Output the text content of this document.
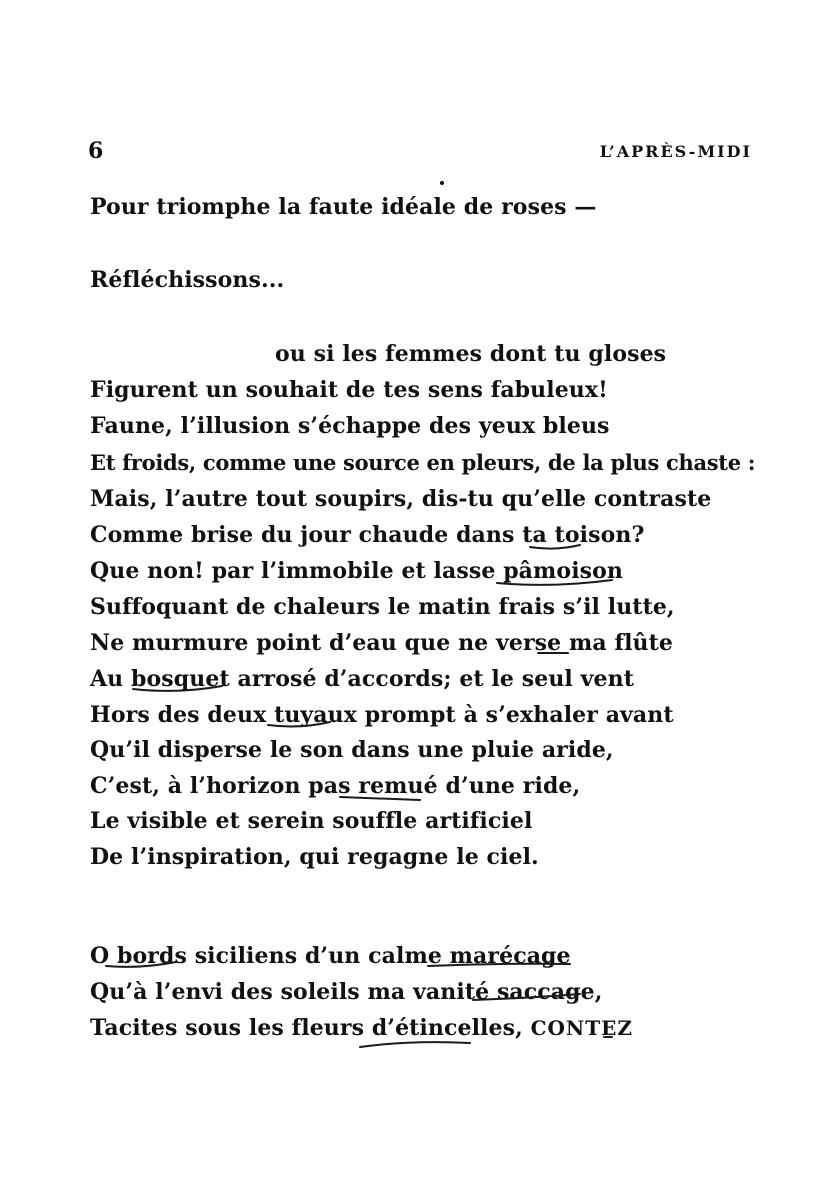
6	L’APRÈS-MIDI
Pour triomphe la faute idéale de roses —
Réfléchissons...
ou si les femmes dont tu gloses
Figurent un souhait de tes sens fabuleux!
Faune, l’illusion s’échappe des yeux bleus
Et froids, comme une source en pleurs, de la plus chaste :
Mais, l’autre tout soupirs, dis-tu qu’elle contraste
Comme brise du jour chaude dans ta toison?
Que non! par l’immobile et lasse pâmoison
Suffoquant de chaleurs le matin frais s’il lutte,
Ne murmure point d’eau que ne verse ma flûte
Au bosquet arrosé d’accords; et le seul vent
Hors des deux tuyaux prompt à s’exhaler avant
Qu’il disperse le son dans une pluie aride,
C’est, à l’horizon pas remué d’une ride,
Le visible et serein souffle artificiel
De l’inspiration, qui regagne le ciel.
O bords siciliens d’un calme marécage
Qu’à l’envi des soleils ma vanité saccage,
Tacites sous les fleurs d’étincelles, CONTEZ
